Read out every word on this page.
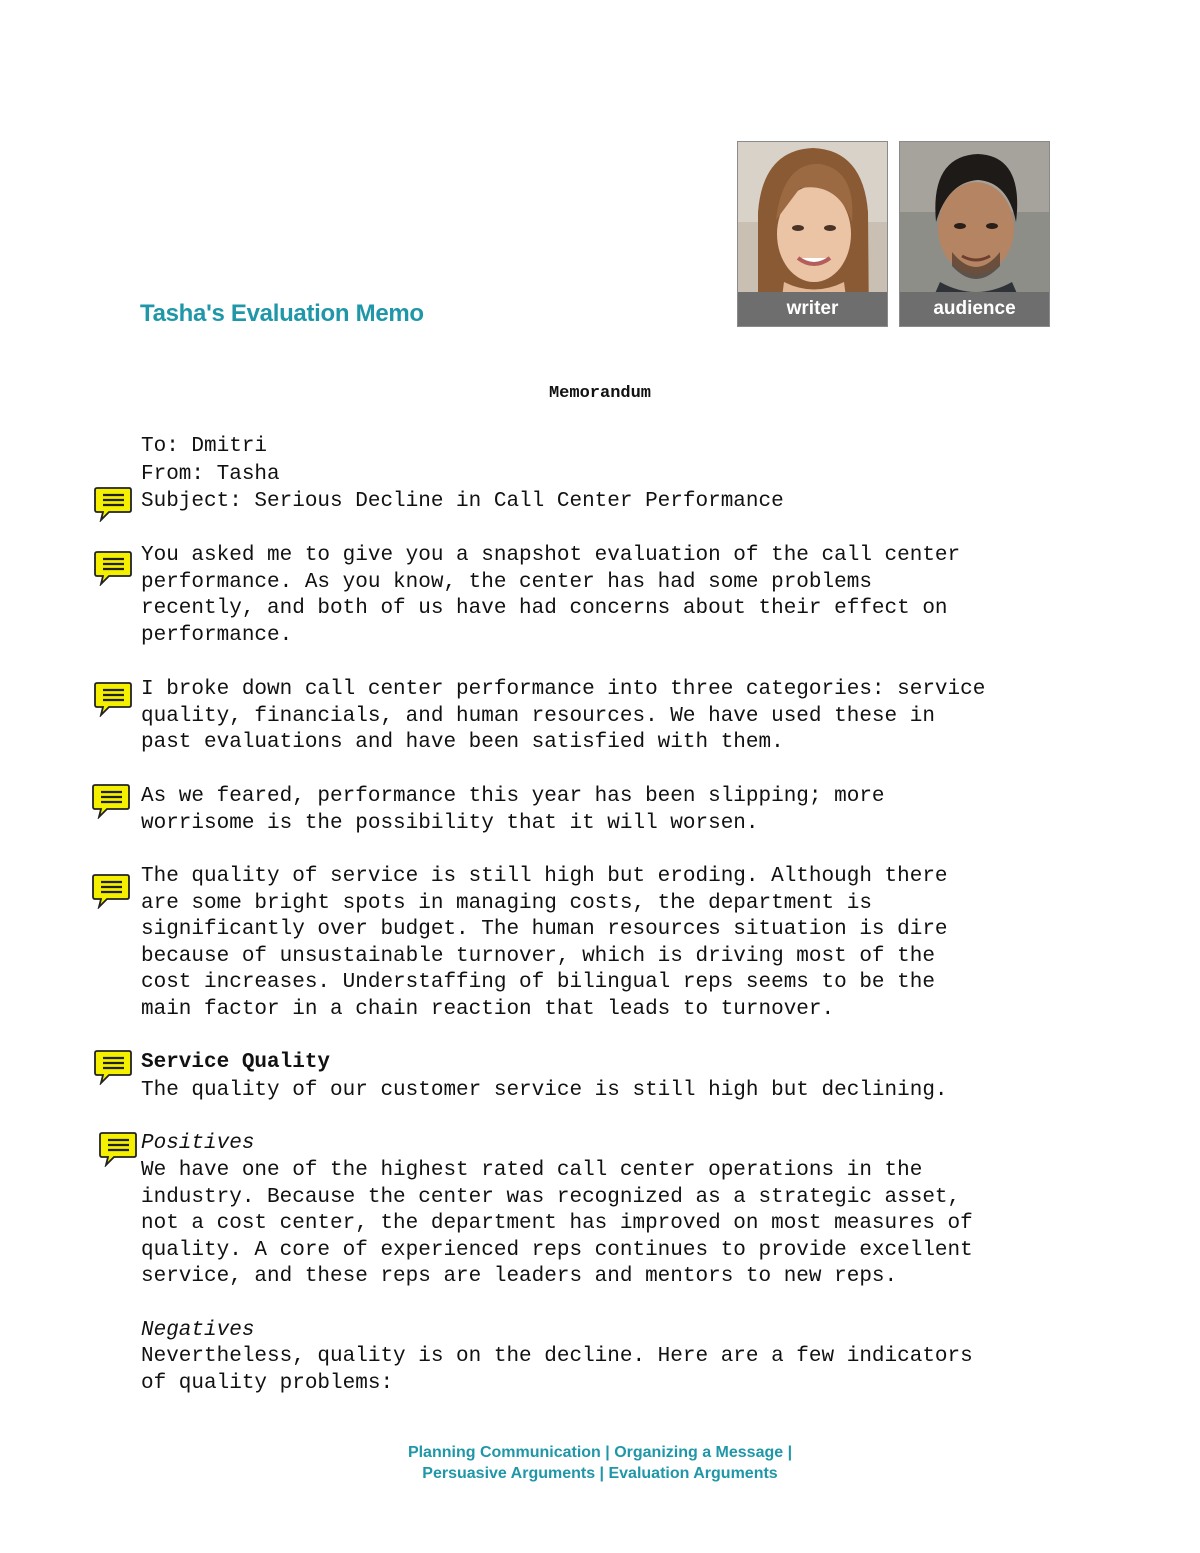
Tasha's Evaluation Memo	writer	audience
Memorandum
To: Dmitri
From: Tasha
Subject: Serious Decline in Call Center Performance
You asked me to give you a snapshot evaluation of the call center
performance. As you know, the center has had some problems
recently, and both of us have had concerns about their effect on
performance.
I broke down call center performance into three categories: service
quality, financials, and human resources. We have used these in
past evaluations and have been satisfied with them.
As we feared, performance this year has been slipping; more
worrisome is the possibility that it will worsen.
The quality of service is still high but eroding. Although there
are some bright spots in managing costs, the department is
significantly over budget. The human resources situation is dire
because of unsustainable turnover, which is driving most of the
cost increases. Understaffing of bilingual reps seems to be the
main factor in a chain reaction that leads to turnover.
Service Quality
The quality of our customer service is still high but declining.
Positives
We have one of the highest rated call center operations in the
industry. Because the center was recognized as a strategic asset,
not a cost center, the department has improved on most measures of
quality. A core of experienced reps continues to provide excellent
service, and these reps are leaders and mentors to new reps.
Negatives
Nevertheless, quality is on the decline. Here are a few indicators
of quality problems:
Planning Communication | Organizing a Message |
Persuasive Arguments | Evaluation Arguments
